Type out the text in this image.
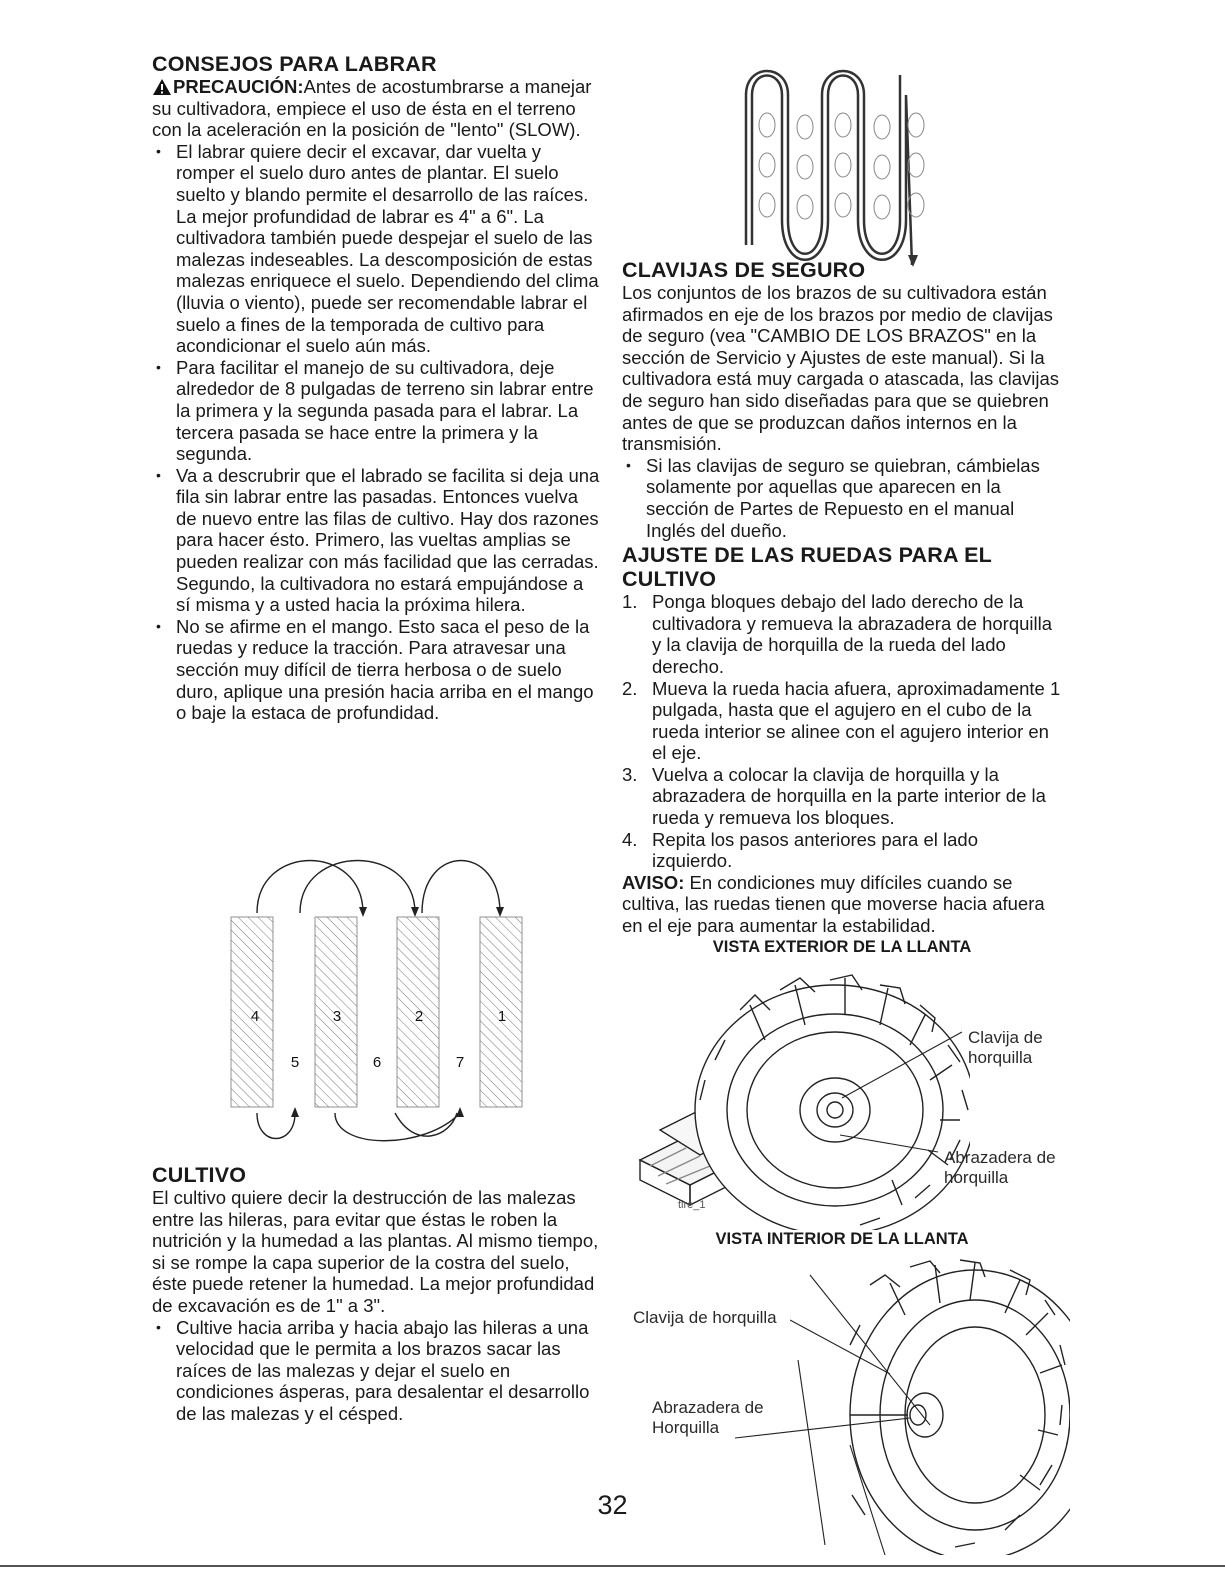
CONSEJOS PARA LABRAR

PRECAUCIÓN:Antes de acostumbrarse a manejar su cultivadora, empiece el uso de ésta en el terreno con la aceleración en la posición de "lento" (SLOW).

• El labrar quiere decir el excavar, dar vuelta y romper el suelo duro antes de plantar. El suelo suelto y blando permite el desarrollo de las raíces. La mejor profundidad de labrar es 4" a 6". La cultivadora también puede despejar el suelo de las malezas indeseables. La descomposición de estas malezas enriquece el suelo. Dependiendo del clima (lluvia o viento), puede ser recomendable labrar el suelo a fines de la temporada de cultivo para acondicionar el suelo aún más.

• Para facilitar el manejo de su cultivadora, deje alrededor de 8 pulgadas de terreno sin labrar entre la primera y la segunda pasada para el labrar. La tercera pasada se hace entre la primera y la segunda.

• Va a descrubrir que el labrado se facilita si deja una fila sin labrar entre las pasadas. Entonces vuelva de nuevo entre las filas de cultivo. Hay dos razones para hacer ésto. Primero, las vueltas amplias se pueden realizar con más facilidad que las cerradas. Segundo, la cultivadora no estará empujándose a sí misma y a usted hacia la próxima hilera.

• No se afirme en el mango. Esto saca el peso de la ruedas y reduce la tracción. Para atravesar una sección muy difícil de tierra herbosa o de suelo duro, aplique una presión hacia arriba en el mango o baje la estaca de profundidad.

4	3	2	1
5	6	7
CULTIVO

El cultivo quiere decir la destrucción de las malezas entre las hileras, para evitar que éstas le roben la nutrición y la humedad a las plantas. Al mismo tiempo, si se rompe la capa superior de la costra del suelo, éste puede retener la humedad. La mejor profundidad de excavación es de 1" a 3".

• Cultive hacia arriba y hacia abajo las hileras a una velocidad que le permita a los brazos sacar las raíces de las malezas y dejar el suelo en condiciones ásperas, para desalentar el desarrollo de las malezas y el césped.

CLAVIJAS DE SEGURO

Los conjuntos de los brazos de su cultivadora están afirmados en eje de los brazos por medio de clavijas de seguro (vea "CAMBIO DE LOS BRAZOS" en la sección de Servicio y Ajustes de este manual). Si la cultivadora está muy cargada o atascada, las clavijas de seguro han sido diseñadas para que se quiebren antes de que se produzcan daños internos en la transmisión.

• Si las clavijas de seguro se quiebran, cámbielas solamente por aquellas que aparecen en la sección de Partes de Repuesto en el manual Inglés del dueño.

AJUSTE DE LAS RUEDAS PARA EL CULTIVO

1. Ponga bloques debajo del lado derecho de la cultivadora y remueva la abrazadera de horquilla y la clavija de horquilla de la rueda del lado derecho.

2. Mueva la rueda hacia afuera, aproximadamente 1 pulgada, hasta que el agujero en el cubo de la rueda interior se alinee con el agujero interior en el eje.

3. Vuelva a colocar la clavija de horquilla y la abrazadera de horquilla en la parte interior de la rueda y remueva los bloques.

4. Repita los pasos anteriores para el lado izquierdo.

AVISO: En condiciones muy difíciles cuando se cultiva, las ruedas tienen que moverse hacia afuera en el eje para aumentar la estabilidad.

VISTA EXTERIOR DE LA LLANTA
tire_1
Clavija de horquilla
Abrazadera de horquilla
VISTA INTERIOR DE LA LLANTA
Clavija de horquilla
Abrazadera de Horquilla
32
